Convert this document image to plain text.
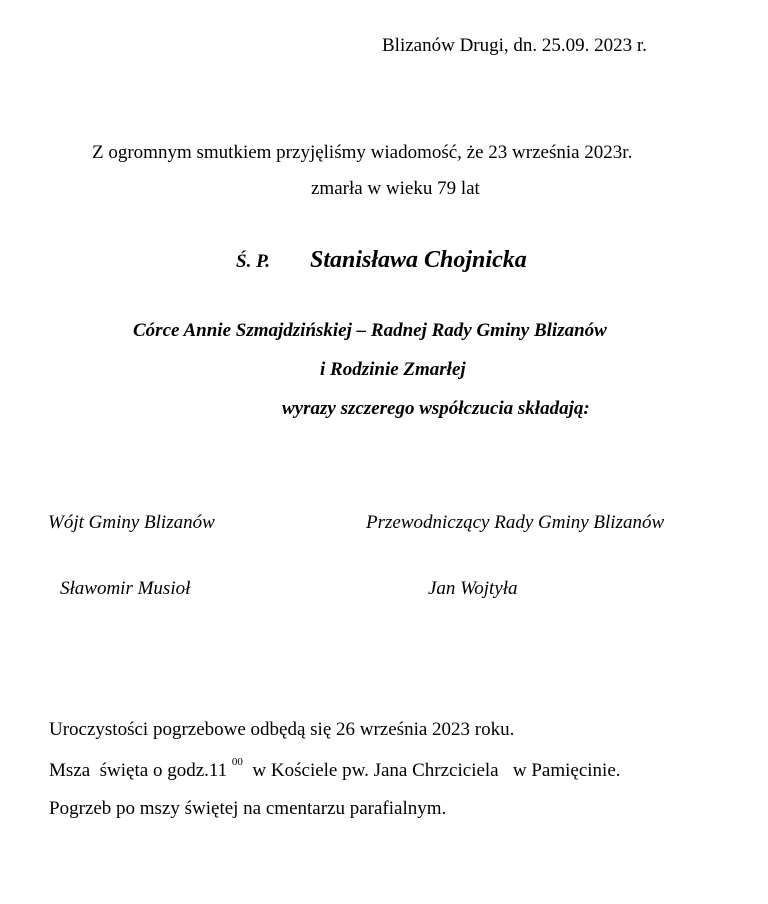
Blizanów Drugi, dn. 25.09. 2023 r.
Z ogromnym smutkiem przyjęliśmy wiadomość, że 23 września 2023r.
zmarła w wieku 79 lat
Ś. P. Stanisława Chojnicka
Córce Annie Szmajdzińskiej – Radnej Rady Gminy Blizanów
i Rodzinie Zmarłej
wyrazy szczerego współczucia składają:
Wójt Gminy Blizanów	Przewodniczący Rady Gminy Blizanów
Sławomir Musioł	Jan Wojtyła
Uroczystości pogrzebowe odbędą się 26 września 2023 roku.
Msza  święta o godz.11 $^{00}$  w Kościele pw. Jana Chrzciciela   w Pamięcinie.
Pogrzeb po mszy świętej na cmentarzu parafialnym.
